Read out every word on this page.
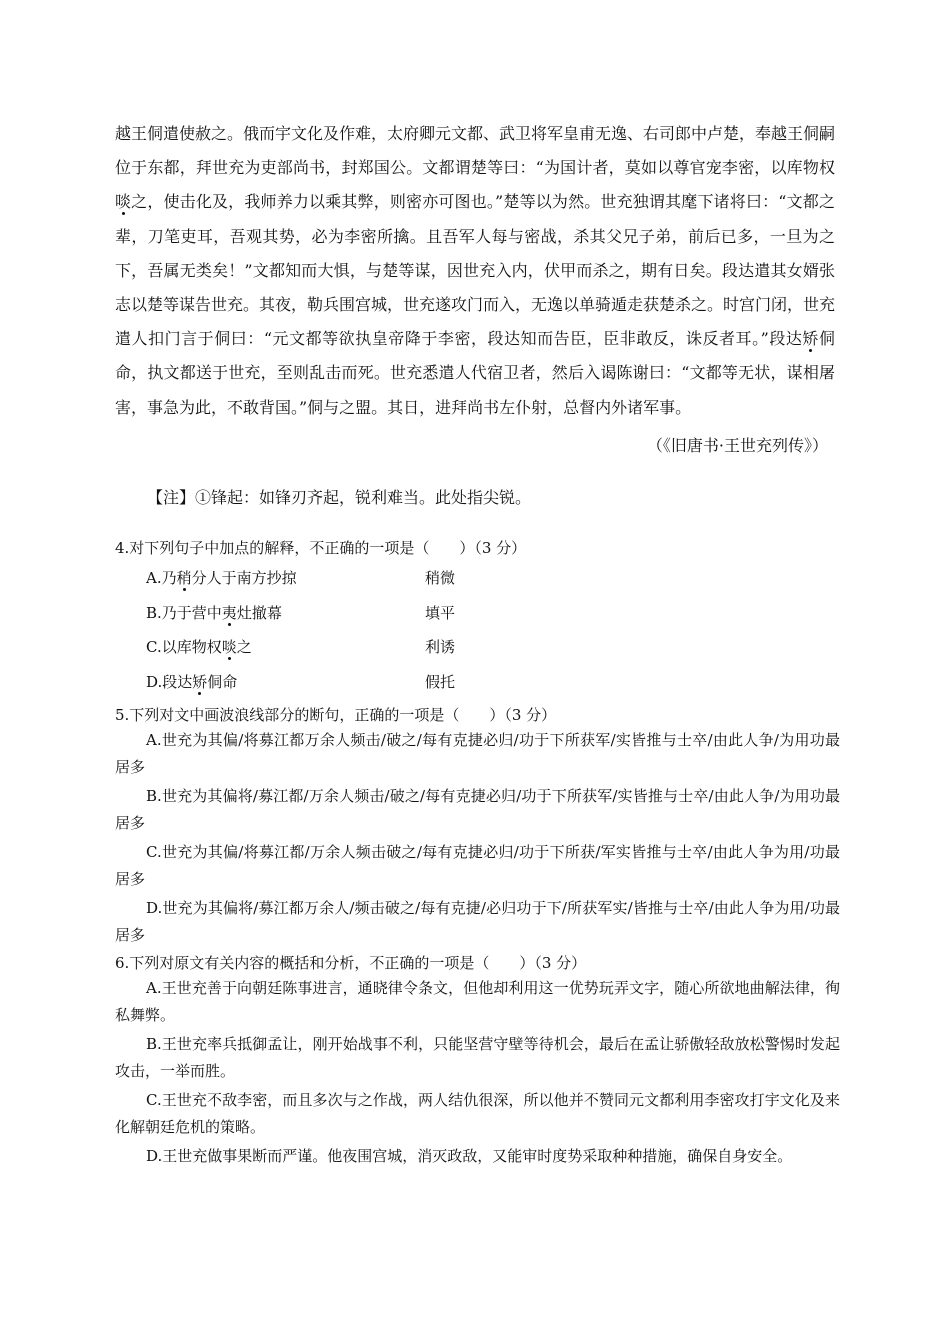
越王侗遣使赦之。俄而宇文化及作难，太府卿元文都、武卫将军皇甫无逸、右司郎中卢楚，奉越王侗嗣位于东都，拜世充为吏部尚书，封郑国公。文都谓楚等曰：“为国计者，莫如以尊官宠李密，以库物权啖之，使击化及，我师养力以乘其弊，则密亦可图也。”楚等以为然。世充独谓其麾下诸将曰：“文都之辈，刀笔吏耳，吾观其势，必为李密所擒。且吾军人每与密战，杀其父兄子弟，前后已多，一旦为之下，吾属无类矣！”文都知而大惧，与楚等谋，因世充入内，伏甲而杀之，期有日矣。段达遣其女婿张志以楚等谋告世充。其夜，勒兵围宫城，世充遂攻门而入，无逸以单骑遁走获楚杀之。时宫门闭，世充遣人扣门言于侗曰：“元文都等欲执皇帝降于李密，段达知而告臣，臣非敢反，诛反者耳。”段达矫侗命，执文都送于世充，至则乱击而死。世充悉遣人代宿卫者，然后入谒陈谢曰：“文都等无状，谋相屠害，事急为此，不敢背国。”侗与之盟。其日，进拜尚书左仆射，总督内外诸军事。

（《旧唐书·王世充列传》）
【注】①锋起：如锋刃齐起，锐利难当。此处指尖锐。
4.对下列句子中加点的解释，不正确的一项是（　　）（3 分）
A.乃稍分人于南方抄掠	稍微
B.乃于营中夷灶撤幕	填平
C.以库物权啖之	利诱
D.段达矫侗命	假托
5.下列对文中画波浪线部分的断句，正确的一项是（　　）（3 分）
A.世充为其偏/将募江都万余人频击/破之/每有克捷必归/功于下所获军/实皆推与士卒/由此人争/为用功最居多
B.世充为其偏将/募江都/万余人频击/破之/每有克捷必归/功于下所获军/实皆推与士卒/由此人争/为用功最居多
C.世充为其偏/将募江都/万余人频击破之/每有克捷必归/功于下所获/军实皆推与士卒/由此人争为用/功最居多
D.世充为其偏将/募江都万余人/频击破之/每有克捷/必归功于下/所获军实/皆推与士卒/由此人争为用/功最居多
6.下列对原文有关内容的概括和分析，不正确的一项是（　　）（3 分）
A.王世充善于向朝廷陈事进言，通晓律令条文，但他却利用这一优势玩弄文字，随心所欲地曲解法律，徇私舞弊。
B.王世充率兵抵御孟让，刚开始战事不利，只能坚营守壁等待机会，最后在孟让骄傲轻敌放松警惕时发起攻击，一举而胜。
C.王世充不敌李密，而且多次与之作战，两人结仇很深，所以他并不赞同元文都利用李密攻打宇文化及来化解朝廷危机的策略。
D.王世充做事果断而严谨。他夜围宫城，消灭政敌，又能审时度势采取种种措施，确保自身安全。
